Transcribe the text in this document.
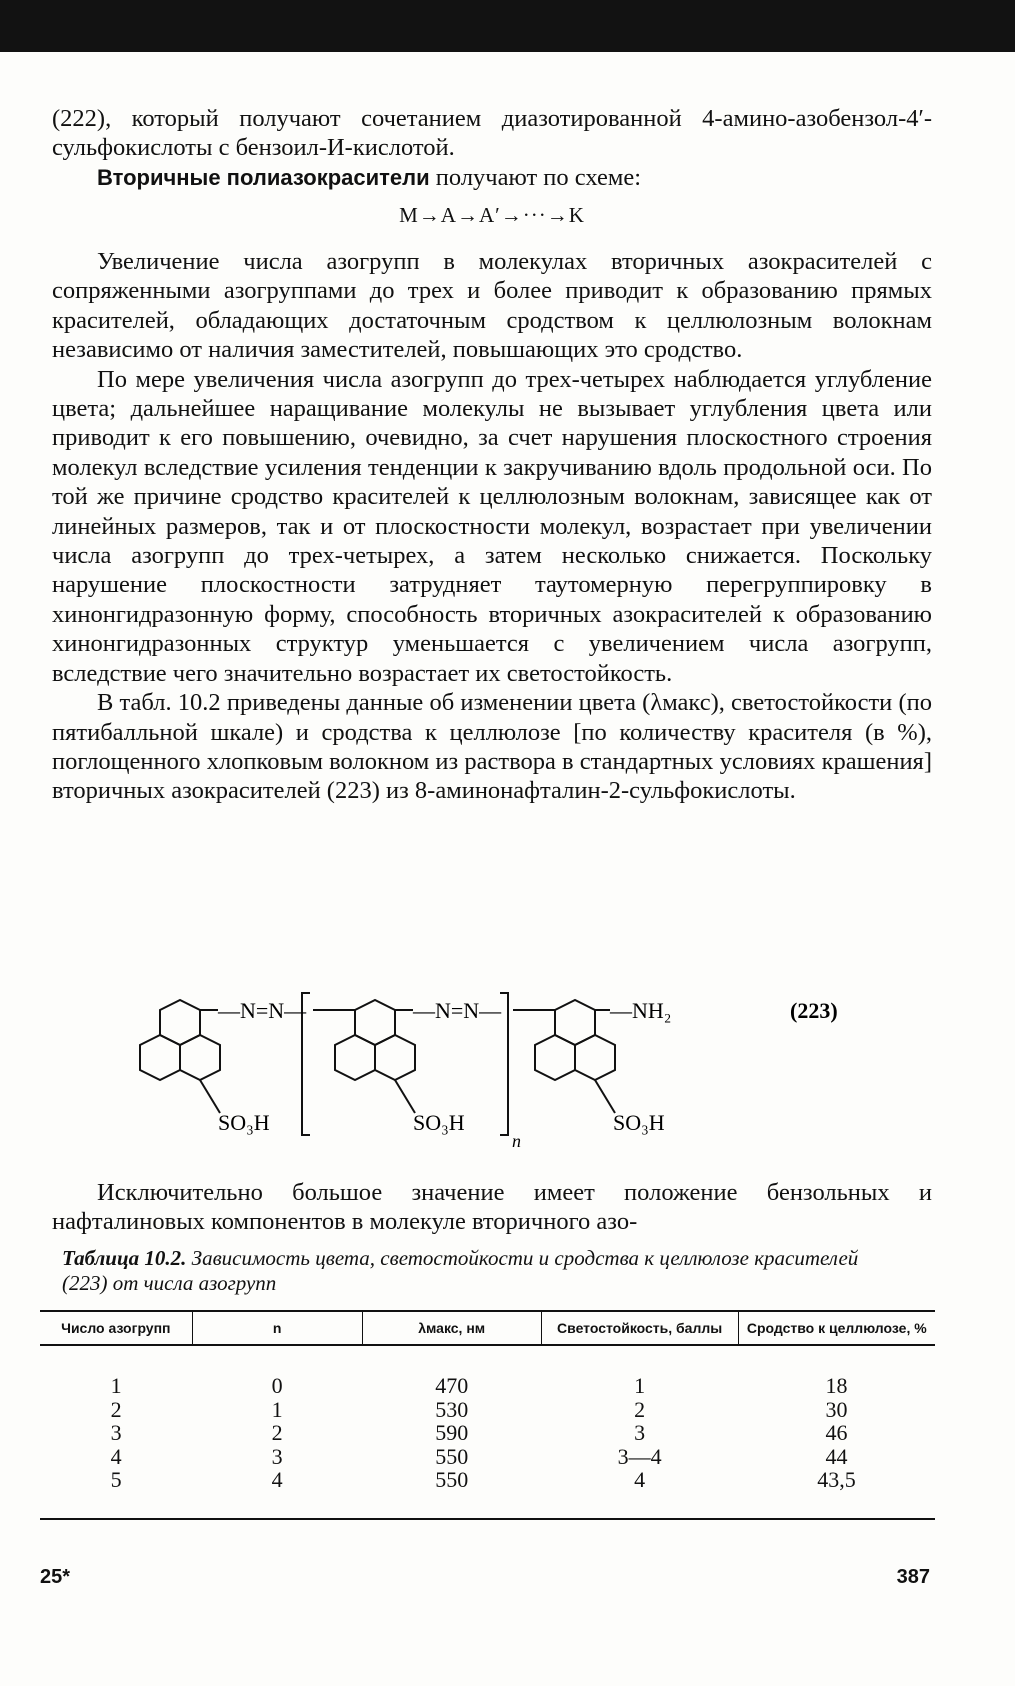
(222), который получают сочетанием диазотированной 4-амино-азобензол-4′-сульфокислоты с бензоил-И-кислотой.

Вторичные полиазокрасители получают по схеме:

M→A→A′→···→K

Увеличение числа азогрупп в молекулах вторичных азокрасителей с сопряженными азогруппами до трех и более приводит к образованию прямых красителей, обладающих достаточным сродством к целлюлозным волокнам независимо от наличия заместителей, повышающих это сродство.

По мере увеличения числа азогрупп до трех-четырех наблюдается углубление цвета; дальнейшее наращивание молекулы не вызывает углубления цвета или приводит к его повышению, очевидно, за счет нарушения плоскостного строения молекул вследствие усиления тенденции к закручиванию вдоль продольной оси. По той же причине сродство красителей к целлюлозным волокнам, зависящее как от линейных размеров, так и от плоскостности молекул, возрастает при увеличении числа азогрупп до трех-четырех, а затем несколько снижается. Поскольку нарушение плоскостности затрудняет таутомерную перегруппировку в хинонгидразонную форму, способность вторичных азокрасителей к образованию хинонгидразонных структур уменьшается с увеличением числа азогрупп, вследствие чего значительно возрастает их светостойкость.

В табл. 10.2 приведены данные об изменении цвета (λмакс), светостойкости (по пятибалльной шкале) и сродства к целлюлозе [по количеству красителя (в %), поглощенного хлопковым волокном из раствора в стандартных условиях крашения] вторичных азокрасителей (223) из 8-аминонафталин-2-сульфокислоты.

—N=N—	—N=N—	—NH₂
SO₃H	SO₃H	SO₃H
n
(223)

Исключительно большое значение имеет положение бензольных и нафталиновых компонентов в молекуле вторичного азо-

Таблица 10.2. Зависимость цвета, светостойкости и сродства к целлюлозе красителей (223) от числа азогрупп
Число азогрупп	n	λмакс, нм	Светостойкость, баллы	Сродство к целлюлозе, %
1	0	470	1	18
2	1	530	2	30
3	2	590	3	46
4	3	550	3—4	44
5	4	550	4	43,5
25*	387
